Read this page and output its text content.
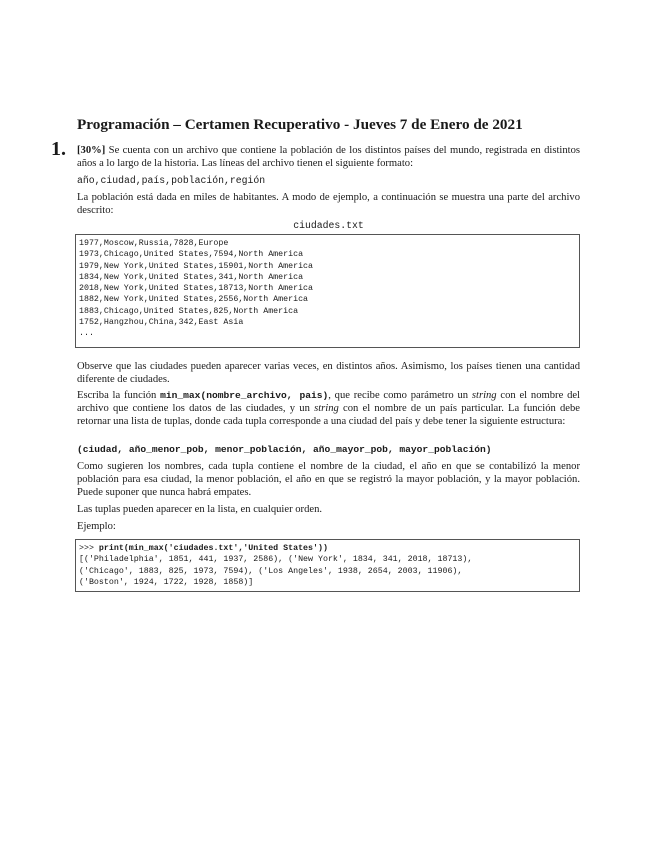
Programación – Certamen Recuperativo - Jueves 7 de Enero de 2021
1. [30%] Se cuenta con un archivo que contiene la población de los distintos países del mundo, registrada en distintos años a lo largo de la historia. Las líneas del archivo tienen el siguiente formato:
año,ciudad,país,población,región
La población está dada en miles de habitantes. A modo de ejemplo, a continuación se muestra una parte del archivo descrito:
ciudades.txt
1977,Moscow,Russia,7828,Europe
1973,Chicago,United States,7594,North America
1979,New York,United States,15901,North America
1834,New York,United States,341,North America
2018,New York,United States,18713,North America
1882,New York,United States,2556,North America
1883,Chicago,United States,825,North America
1752,Hangzhou,China,342,East Asia
...
Observe que las ciudades pueden aparecer varias veces, en distintos años. Asimismo, los países tienen una cantidad diferente de ciudades.
Escriba la función min_max(nombre_archivo, pais), que recibe como parámetro un string con el nombre del archivo que contiene los datos de las ciudades, y un string con el nombre de un país particular. La función debe retornar una lista de tuplas, donde cada tupla corresponde a una ciudad del país y debe tener la siguiente estructura:
(ciudad, año_menor_pob, menor_población, año_mayor_pob, mayor_población)
Como sugieren los nombres, cada tupla contiene el nombre de la ciudad, el año en que se contabilizó la menor población para esa ciudad, la menor población, el año en que se registró la mayor población, y la mayor población. Puede suponer que nunca habrá empates.
Las tuplas pueden aparecer en la lista, en cualquier orden.
Ejemplo:
>>> print(min_max('ciudades.txt','United States'))
[('Philadelphia', 1851, 441, 1937, 2586), ('New York', 1834, 341, 2018, 18713),
('Chicago', 1883, 825, 1973, 7594), ('Los Angeles', 1938, 2654, 2003, 11906),
('Boston', 1924, 1722, 1928, 1858)]
